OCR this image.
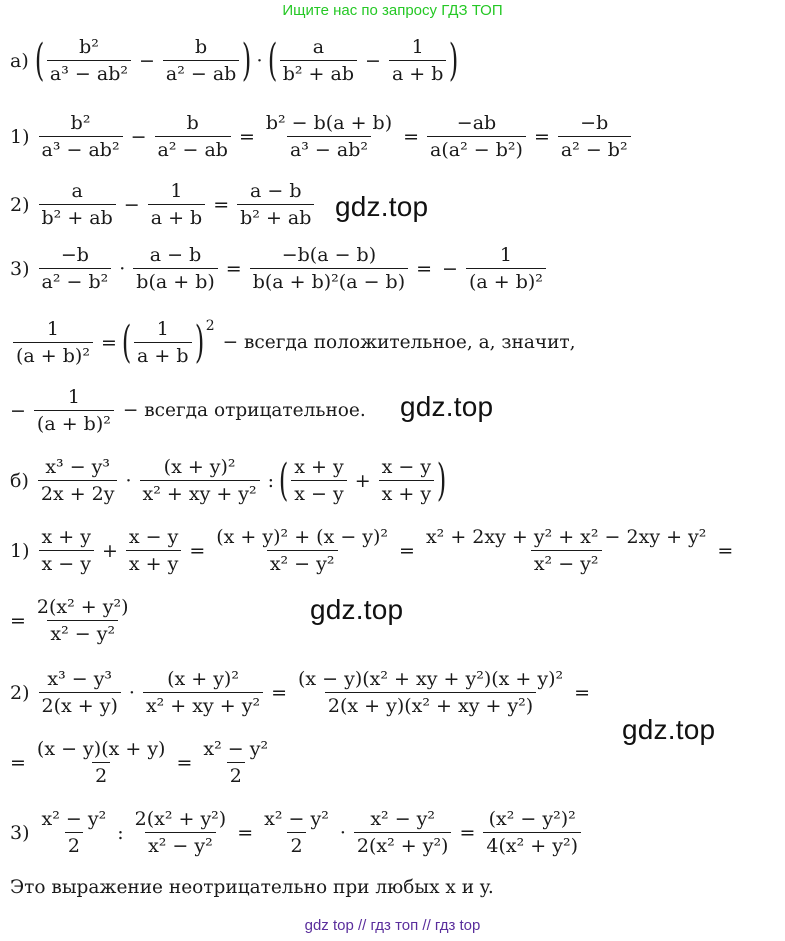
Ищите нас по запросу ГДЗ ТОП
а) ( $\frac{\text{b²}}{\text{a³ − ab²}} - \frac{b}{\text{a² − ab}}$ ) · ( $\frac{a}{\text{b² + ab}} - \frac{1}{a + b}$ )
$1) \frac{\text{b²}}{\text{a³ − ab²}} - \frac{b}{\text{a² − ab}} = \frac{\text{b² − b(a + b)}}{\text{a³ − ab²}} = \frac{-ab}{\text{a(a² − b²)}} = \frac{-b}{\text{a² − b²}}$
$2) \frac{a}{\text{b² + ab}} - \frac{1}{a + b} = \frac{a - b}{\text{b² + ab}} gdz.top$
$3) \frac{-b}{\text{a² − b²}} \cdot \frac{a - b}{b(a + b)} = \frac{-b(a - b)}{\text{b(a + b)²(a − b)}}$ = − $\frac{1}{\text{(a + b)²}}$
$\frac{1}{\text{(a + b)²}}$ = ( $\frac{1}{a + b}$ ) 2
− всегда положительное, а, значит,
− $\frac{1}{\text{(a + b)²}}$ − всегда отрицательное. gdz.top
$б) \frac{\text{x³ − y³}}{2x + 2y} \cdot \frac{\text{(x + y)²}}{\text{x² + xy + y²}}$ : ( $\frac{x + y}{x - y} + \frac{x - y}{x + y}$ )
$1) \frac{x + y}{x - y} + \frac{x - y}{x + y} = \frac{\text{(x + y)² + (x − y)²}}{\text{x² − y²}} = \frac{\text{x² + 2xy + y² + x² − 2xy + y²}}{\text{x² − y²}}$ =
= $\frac{\text{2(x² + y²)}}{\text{x² − y²}}$	gdz.top
$2) \frac{\text{x³ − y³}}{2(x + y)} \cdot \frac{\text{(x + y)²}}{\text{x² + xy + y²}} = \frac{\text{(x − y)(x² + xy + y²)(x + y)²}}{\text{2(x + y)(x² + xy + y²)}}$ =
gdz.top
= $\frac{(x - y)(x + y)}{2} = \frac{\text{x² − y²}}{2}$
$3) \frac{\text{x² − y²}}{2}$ : $\frac{\text{2(x² + y²)}}{\text{x² − y²}} = \frac{\text{x² − y²}}{2} \cdot \frac{\text{x² − y²}}{\text{2(x² + y²)}} = \frac{\text{(x² − y²)²}}{\text{4(x² + y²)}}$
Это выражение неотрицательно при любых x и y.
gdz top // гдз топ // гдз top
